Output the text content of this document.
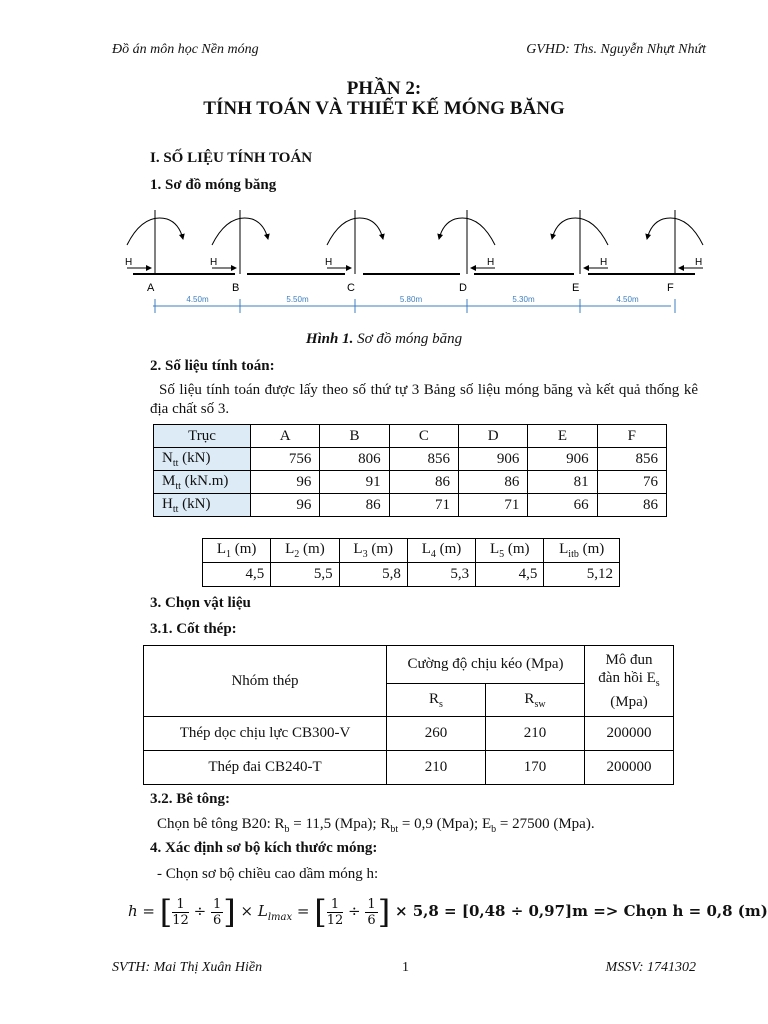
Đồ án môn học Nền móng	GVHD: Ths. Nguyễn Nhựt Nhứt
PHẦN 2:
TÍNH TOÁN VÀ THIẾT KẾ MÓNG BĂNG
I. SỐ LIỆU TÍNH TOÁN
1. Sơ đồ móng băng
H
A
H
B
H
C
H
D
H
E
H
F
4.50m	5.50m	5.80m	5.30m	4.50m
Hình 1. Sơ đồ móng băng
2. Số liệu tính toán:
Số liệu tính toán được lấy theo số thứ tự 3 Bảng số liệu móng băng và kết quả thống kê địa chất số 3.
Trục	A	B	C	D	E	F
$N_{tt}$ (kN)	756	806	856	906	906	856
$M_{tt}$ (kN.m)	96	91	86	86	81	76
$H_{tt}$ (kN)	96	86	71	71	66	86
$L_1$ (m)	$L_2$ (m)	$L_3$ (m)	$L_4$ (m)	$L_5$ (m)	$L_{itb}$ (m)
4,5	5,5	5,8	5,3	4,5	5,12
3. Chọn vật liệu
3.1. Cốt thép:
Nhóm thép	Cường độ chịu kéo (Mpa)		Mô đun
đàn hồi $E_s$
(Mpa)
	$R_s$	$R_{sw}$
Thép dọc chịu lực CB300-V	260	210	200000
Thép đai CB240-T	210	170	200000
3.2. Bê tông:
Chọn bê tông B20: $R_b = 11,5$ (Mpa); $R_{bt} = 0,9$ (Mpa); $E_b = 27500$ (Mpa).
4. Xác định sơ bộ kích thước móng:
- Chọn sơ bộ chiều cao dầm móng h:
h = [ $\frac{1}{12} \div \frac{1}{6}$ ] × $L_{lmax}$ = [ $\frac{1}{12} \div \frac{1}{6}$ ] × 5,8 = [0,48 ÷ 0,97]m => Chọn h = 0,8 (m)
SVTH: Mai Thị Xuân Hiền	1	MSSV: 1741302
